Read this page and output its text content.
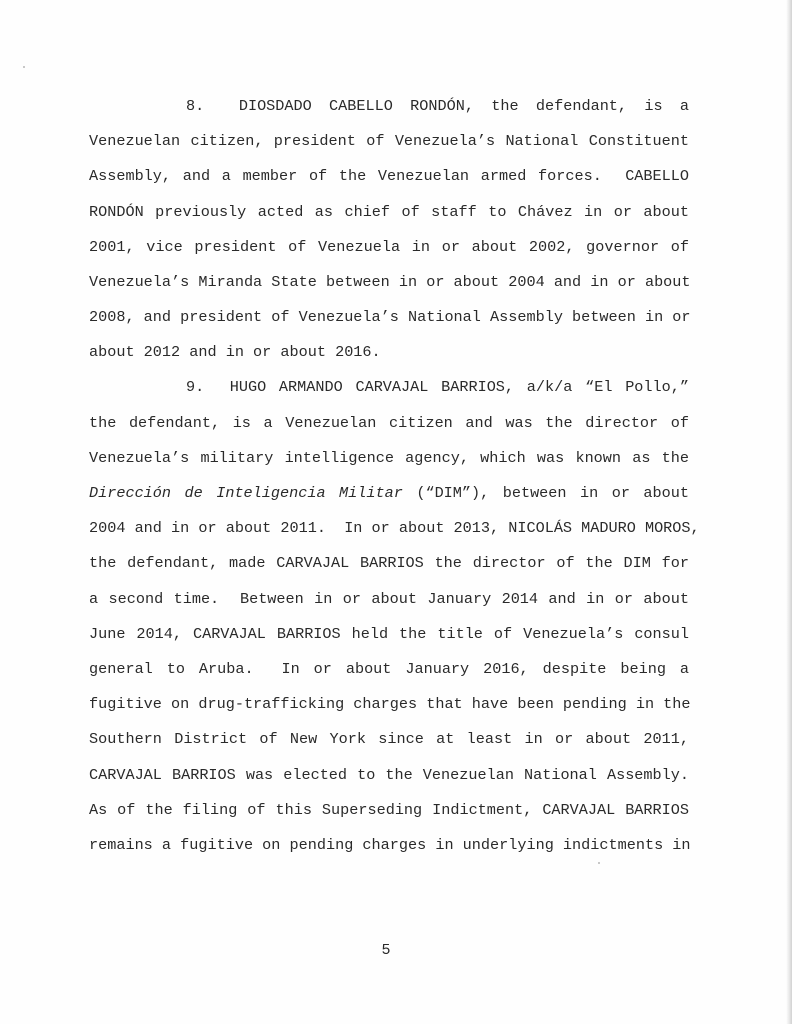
8.  DIOSDADO CABELLO RONDÓN, the defendant, is a
Venezuelan citizen, president of Venezuela’s National Constituent
Assembly, and a member of the Venezuelan armed forces.  CABELLO
RONDÓN previously acted as chief of staff to Chávez in or about
2001, vice president of Venezuela in or about 2002, governor of
Venezuela’s Miranda State between in or about 2004 and in or about
2008, and president of Venezuela’s National Assembly between in or
about 2012 and in or about 2016.
9.  HUGO ARMANDO CARVAJAL BARRIOS, a/k/a “El Pollo,”
the defendant, is a Venezuelan citizen and was the director of
Venezuela’s military intelligence agency, which was known as the
Dirección de Inteligencia Militar (“DIM”), between in or about
2004 and in or about 2011.  In or about 2013, NICOLÁS MADURO MOROS,
the defendant, made CARVAJAL BARRIOS the director of the DIM for
a second time.  Between in or about January 2014 and in or about
June 2014, CARVAJAL BARRIOS held the title of Venezuela’s consul
general to Aruba.  In or about January 2016, despite being a
fugitive on drug-trafficking charges that have been pending in the
Southern District of New York since at least in or about 2011,
CARVAJAL BARRIOS was elected to the Venezuelan National Assembly.
As of the filing of this Superseding Indictment, CARVAJAL BARRIOS
remains a fugitive on pending charges in underlying indictments in
5
